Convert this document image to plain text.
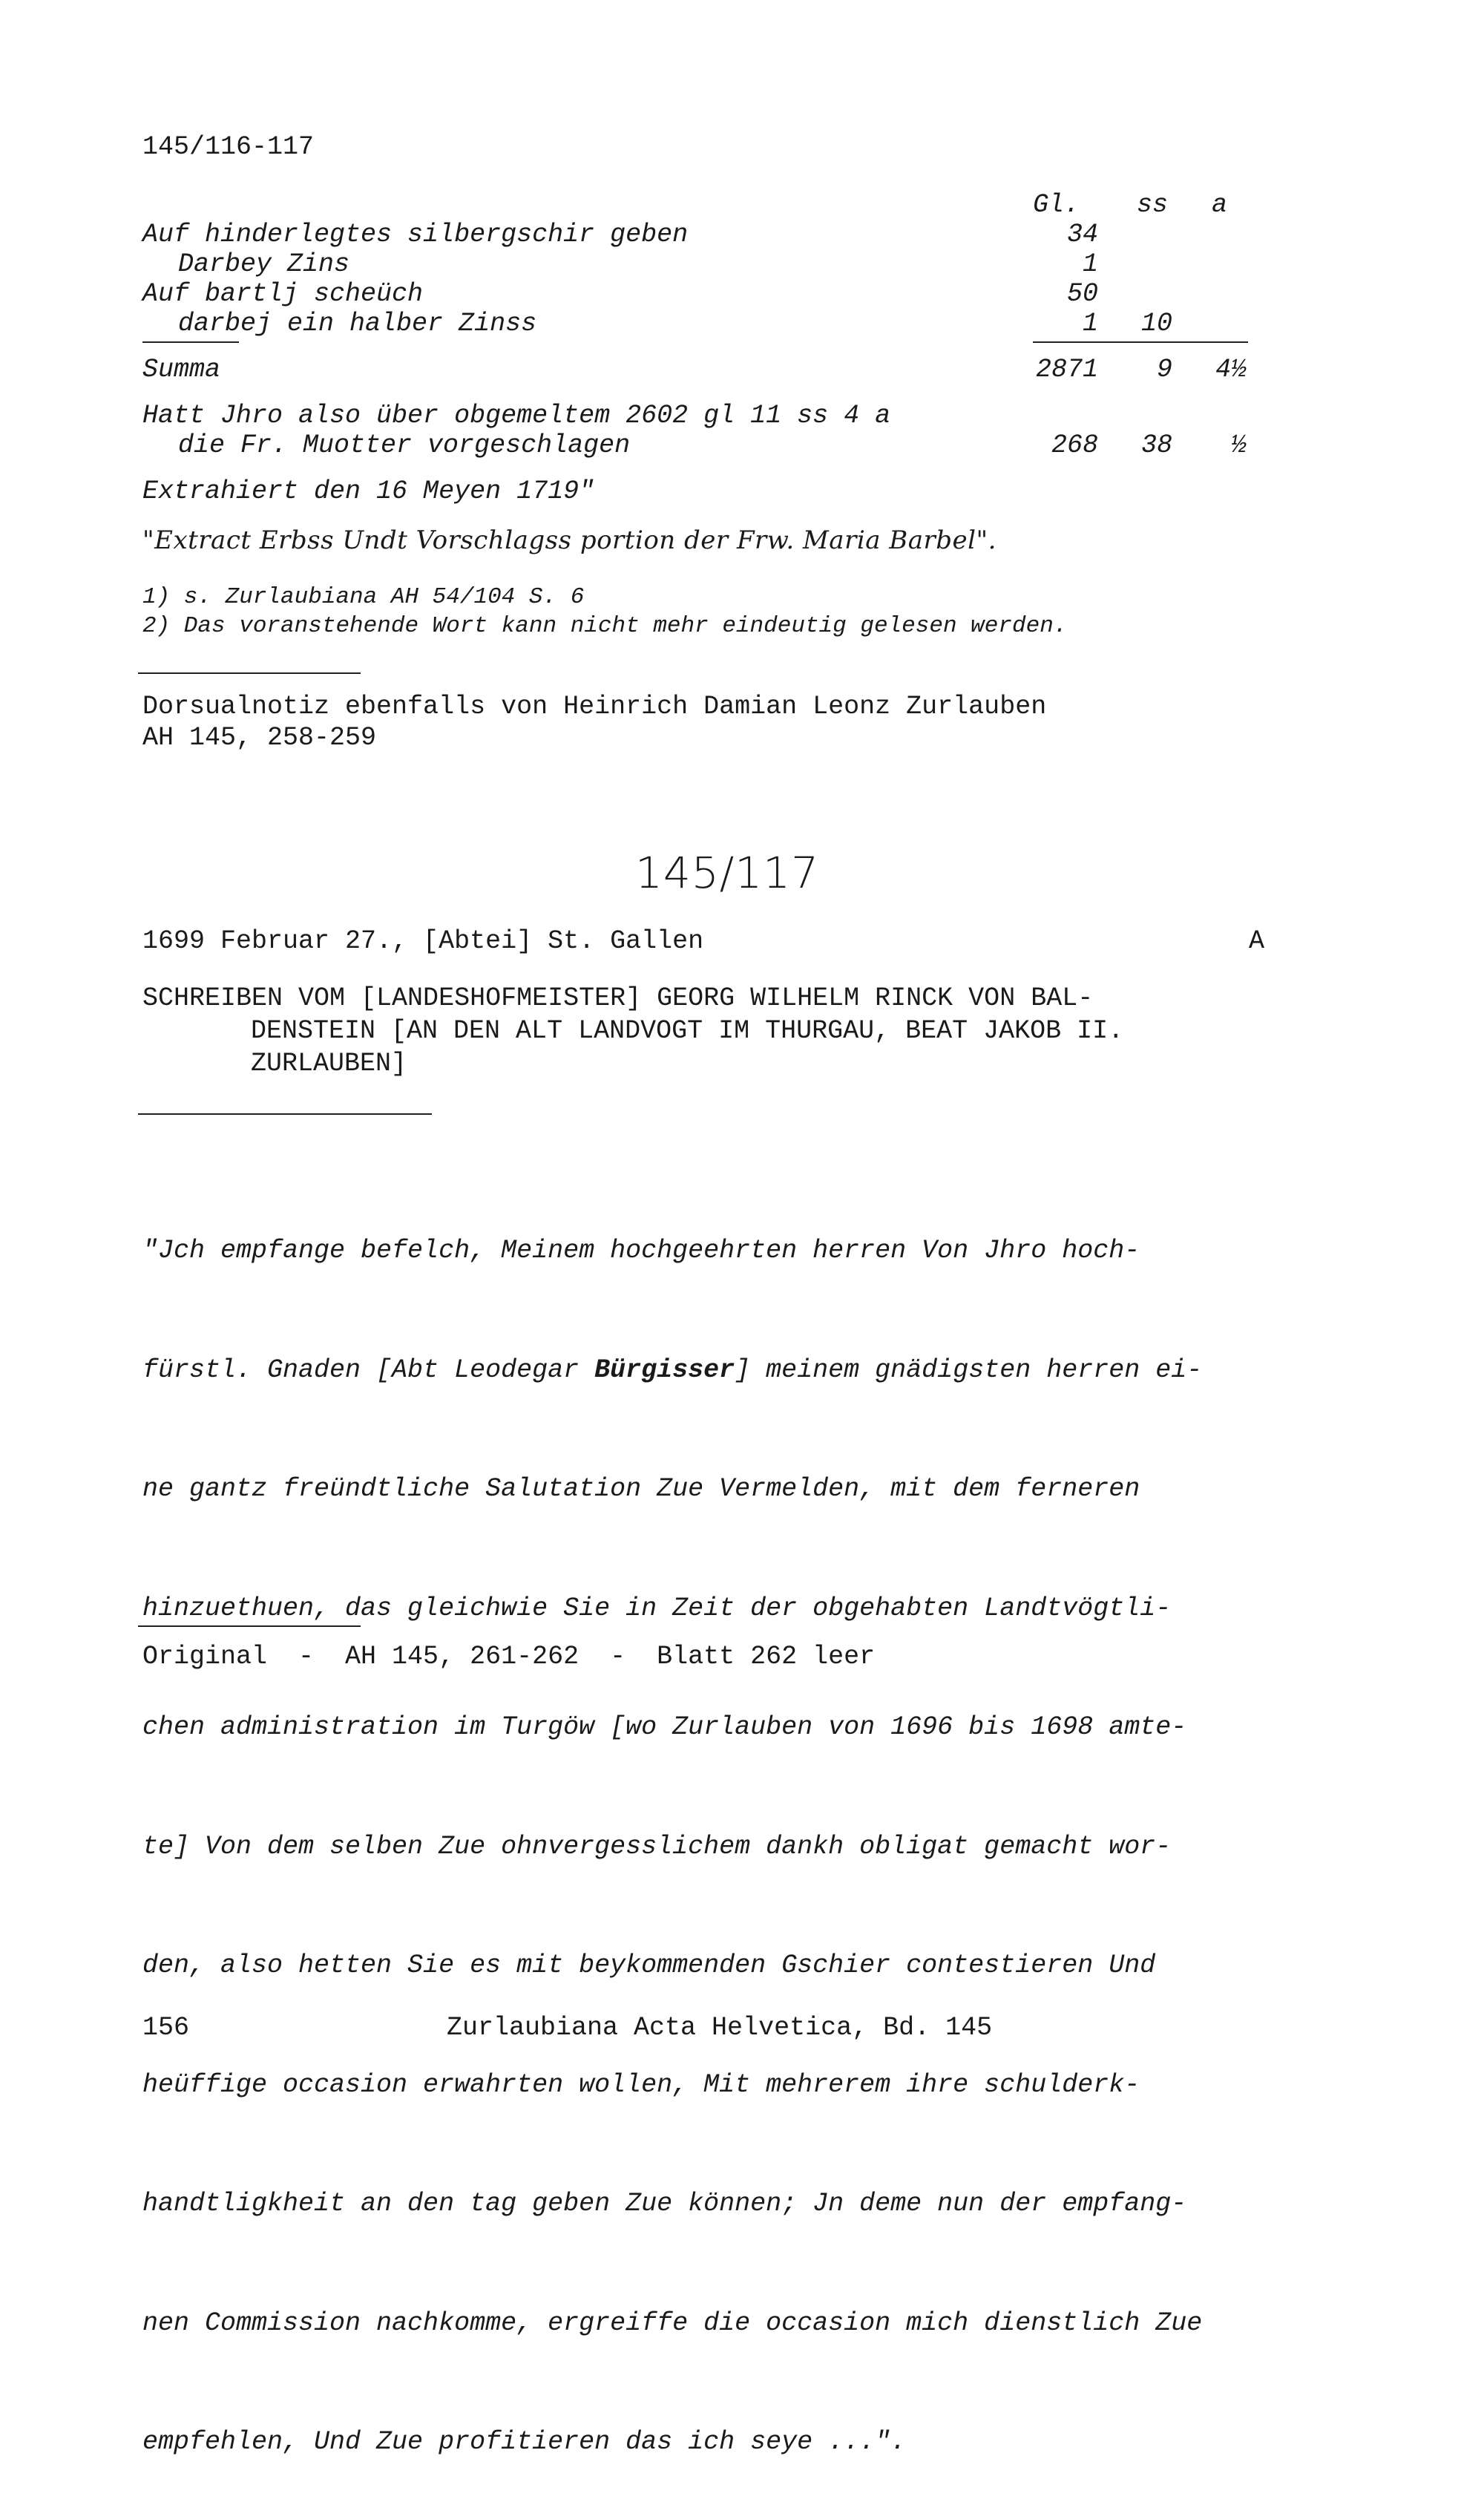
145/116-117
Gl. ss a
Auf hinderlegtes silbergschir geben	34
Darbey Zins	1
Auf bartlj scheüch	50
darbej ein halber Zinss	1	10
Summa	2871	9	4½
Hatt Jhro also über obgemeltem 2602 gl 11 ss 4 a
die Fr. Muotter vorgeschlagen	268	38	½
Extrahiert den 16 Meyen 1719"
"Extract Erbss Undt Vorschlagss portion der Frw. Maria Barbel".
1) s. Zurlaubiana AH 54/104 S. 6
2) Das voranstehende Wort kann nicht mehr eindeutig gelesen werden.
Dorsualnotiz ebenfalls von Heinrich Damian Leonz Zurlauben
AH 145, 258-259
145/117
1699 Februar 27., [Abtei] St. Gallen	A
SCHREIBEN VOM [LANDESHOFMEISTER] GEORG WILHELM RINCK VON BAL-
DENSTEIN [AN DEN ALT LANDVOGT IM THURGAU, BEAT JAKOB II.
ZURLAUBEN]

"Jch empfange befelch, Meinem hochgeehrten herren Von Jhro hoch-

fürstl. Gnaden [Abt Leodegar Bürgisser] meinem gnädigsten herren ei-

ne gantz freündtliche Salutation Zue Vermelden, mit dem ferneren

hinzuethuen, das gleichwie Sie in Zeit der obgehabten Landtvögtli-

chen administration im Turgöw [wo Zurlauben von 1696 bis 1698 amte-

te] Von dem selben Zue ohnvergesslichem dankh obligat gemacht wor-

den, also hetten Sie es mit beykommenden Gschier contestieren Und

heüffige occasion erwahrten wollen, Mit mehrerem ihre schulderk-

handtligkheit an den tag geben Zue können; Jn deme nun der empfang-

nen Commission nachkomme, ergreiffe die occasion mich dienstlich Zue

empfehlen, Und Zue profitieren das ich seye ...".

Original  -  AH 145, 261-262  -  Blatt 262 leer
156	Zurlaubiana Acta Helvetica, Bd. 145
